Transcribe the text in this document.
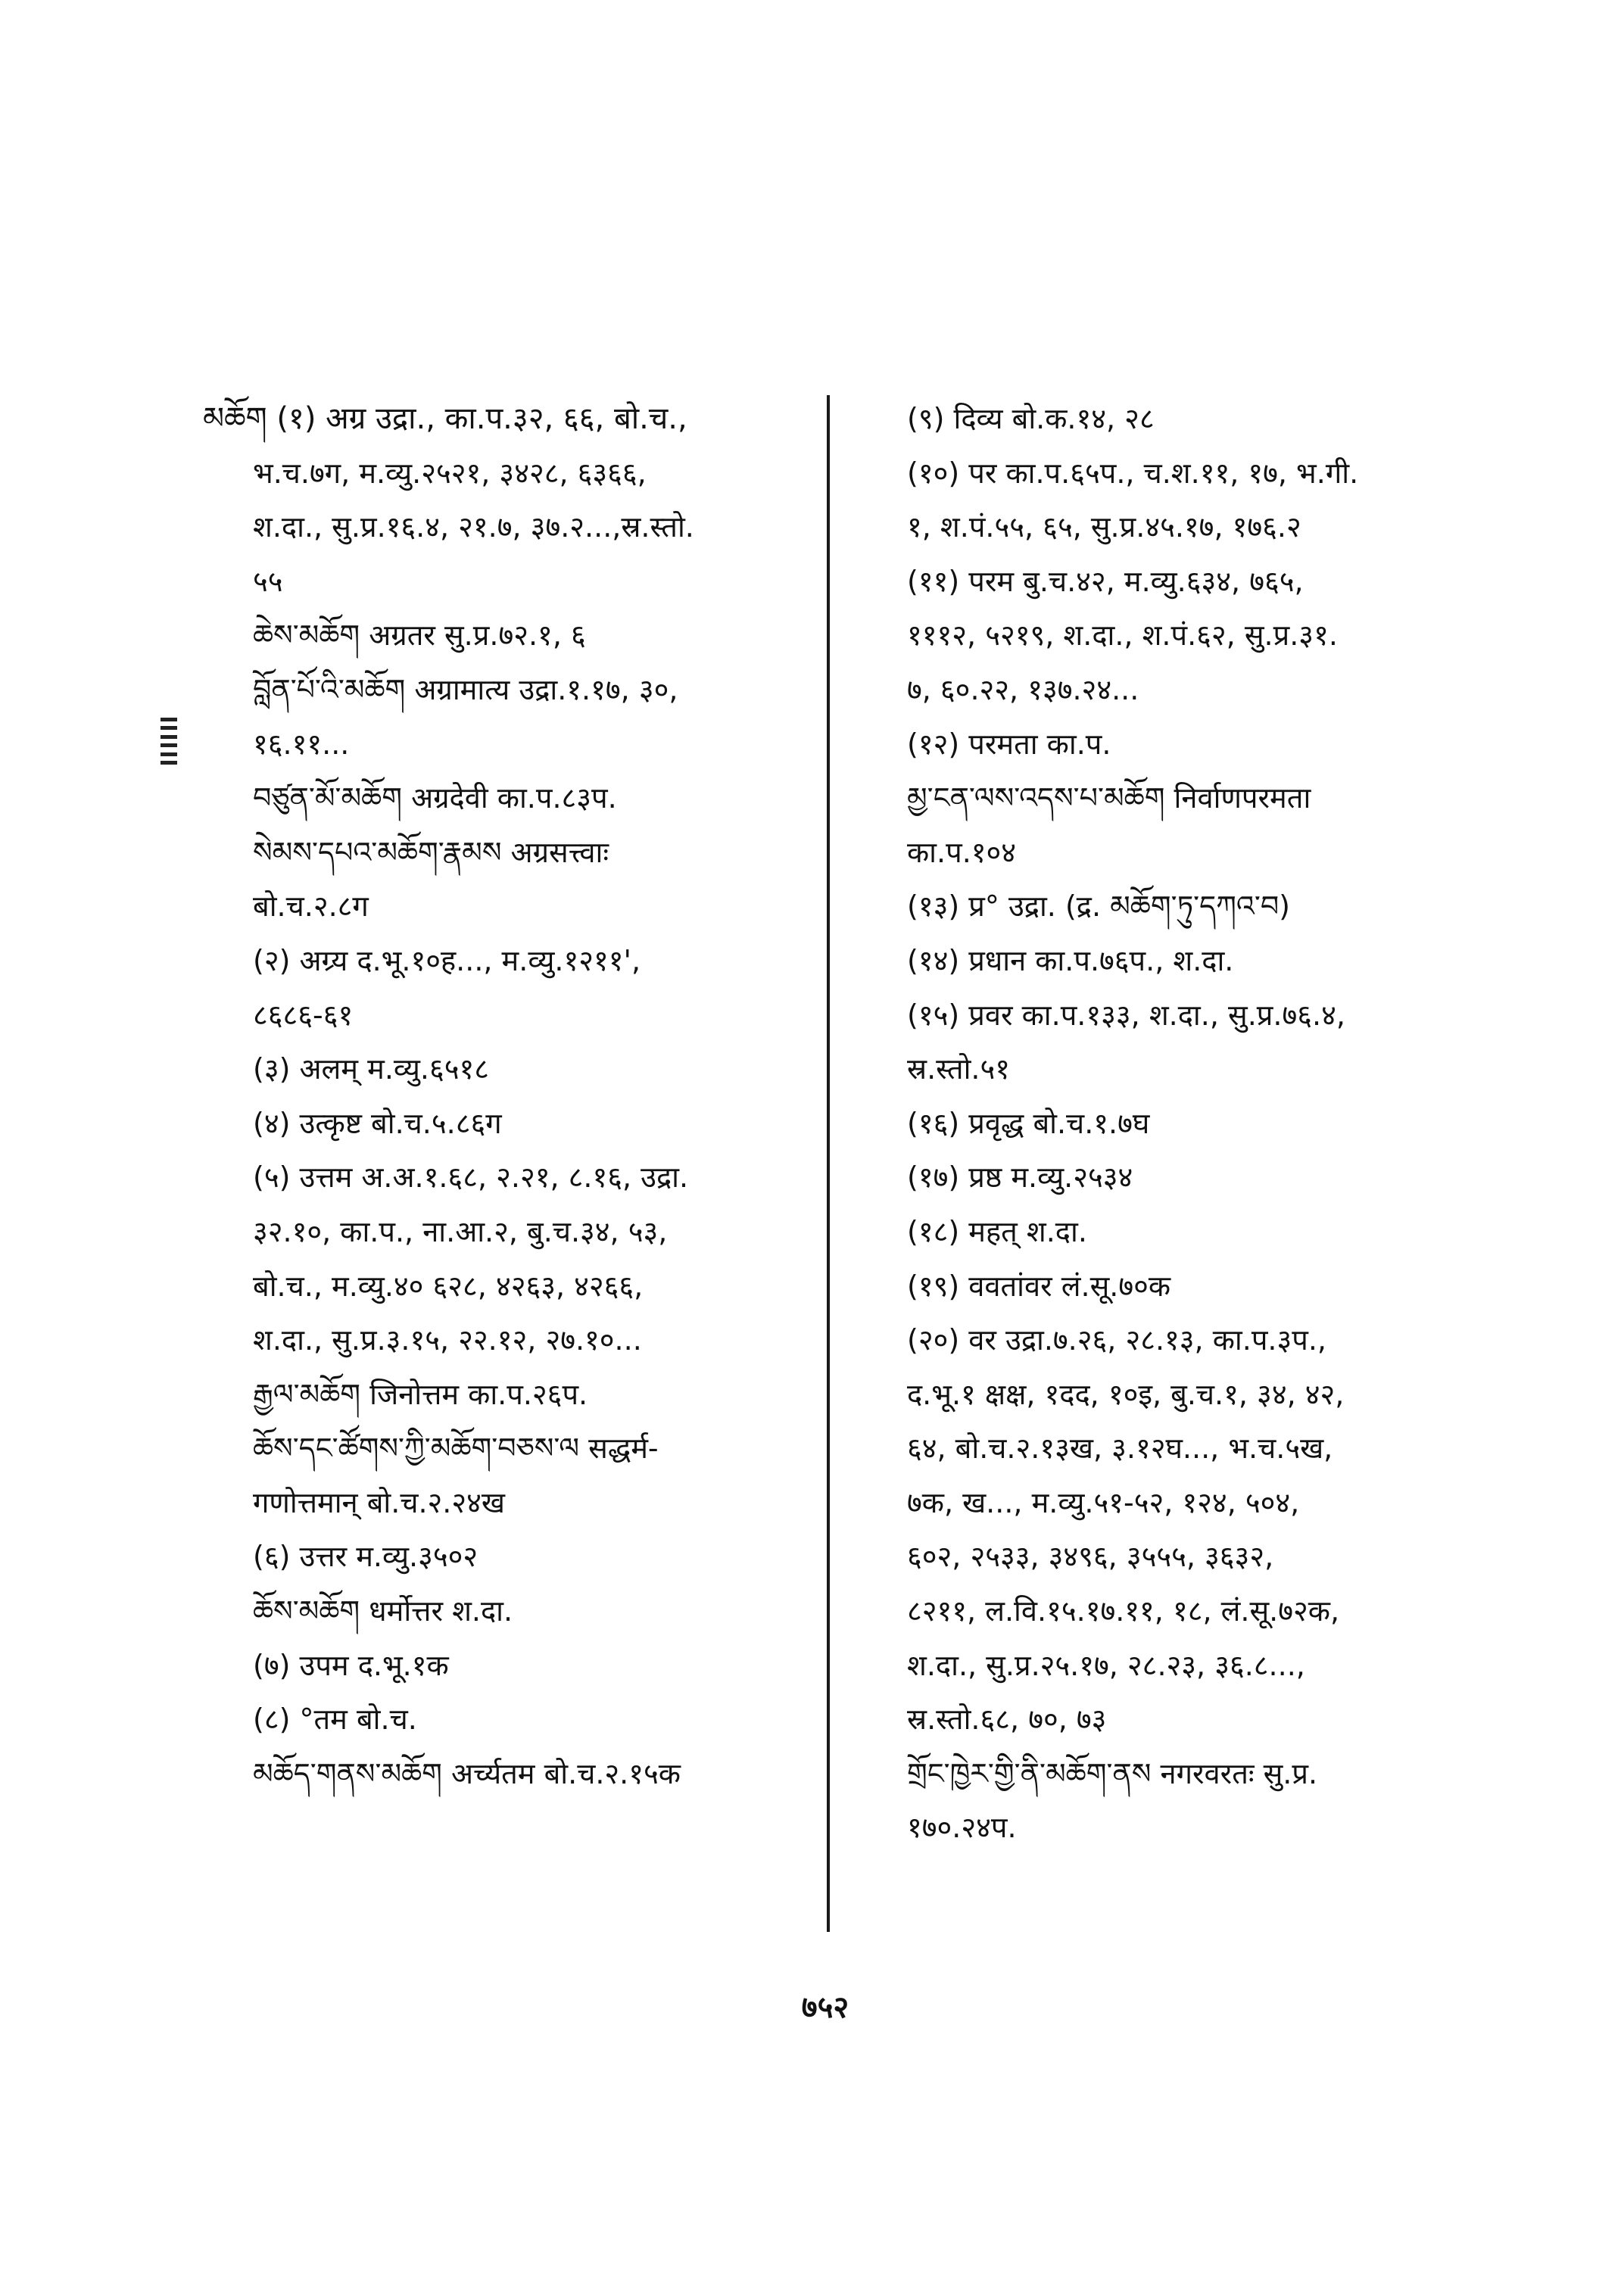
མཆོག (१) अग्र उद्रा., का.प.३२, ६६, बो.च.,
भ.च.७ग, म.व्यु.२५२१, ३४२८, ६३६६,
श.दा., सु.प्र.१६.४, २१.७, ३७.२...,स्र.स्तो.
५५
ཆེས་མཆོག अग्रतर सु.प्र.७२.१, ६
བློན་པོ་འི་མཆོག अग्रामात्य उद्रा.१.१७, ३०,
१६.११...
བཙུན་མོ་མཆོག अग्रदेवी का.प.८३प.
སེམས་དཔའ་མཆོག་རྣམས अग्रसत्त्वाः
बो.च.२.८ग
(२) अग्र्य द.भू.१०ह..., म.व्यु.१२११',
८६८६-६१
(३) अलम् म.व्यु.६५१८
(४) उत्कृष्ट बो.च.५.८६ग
(५) उत्तम अ.अ.१.६८, २.२१, ८.१६, उद्रा.
३२.१०, का.प., ना.आ.२, बु.च.३४, ५३,
बो.च., म.व्यु.४० ६२८, ४२६३, ४२६६,
श.दा., सु.प्र.३.१५, २२.१२, २७.१०...
རྒྱལ་མཆོག जिनोत्तम का.प.२६प.
ཆོས་དང་ཚོགས་ཀྱི་མཆོག་བཅས་ལ सद्धर्म-
गणोत्तमान् बो.च.२.२४ख
(६) उत्तर म.व्यु.३५०२
ཆོས་མཆོག धर्मोत्तर श.दा.
(७) उपम द.भू.१क
(८) °तम बो.च.
མཆོད་གནས་མཆོག अर्च्यतम बो.च.२.१५क
(९) दिव्य बो.क.१४, २८
(१०) पर का.प.६५प., च.श.११, १७, भ.गी.
१, श.पं.५५, ६५, सु.प्र.४५.१७, १७६.२
(११) परम बु.च.४२, म.व्यु.६३४, ७६५,
१११२, ५२१९, श.दा., श.पं.६२, सु.प्र.३१.
७, ६०.२२, १३७.२४...
(१२) परमता का.प.
མྱ་ངན་ལས་འདས་པ་མཆོག निर्वाणपरमता
का.प.१०४
(१३) प्र° उद्रा. (द्र. མཆོག་ཏུ་དཀའ་བ)
(१४) प्रधान का.प.७६प., श.दा.
(१५) प्रवर का.प.१३३, श.दा., सु.प्र.७६.४,
स्र.स्तो.५१
(१६) प्रवृद्ध बो.च.१.७घ
(१७) प्रष्ठ म.व्यु.२५३४
(१८) महत् श.दा.
(१९) ववतांवर लं.सू.७०क
(२०) वर उद्रा.७.२६, २८.१३, का.प.३प.,
द.भू.१ क्षक्ष, १दद, १०इ, बु.च.१, ३४, ४२,
६४, बो.च.२.१३ख, ३.१२घ..., भ.च.५ख,
७क, ख..., म.व्यु.५१-५२, १२४, ५०४,
६०२, २५३३, ३४९६, ३५५५, ३६३२,
८२११, ल.वि.१५.१७.११, १८, लं.सू.७२क,
श.दा., सु.प्र.२५.१७, २८.२३, ३६.८...,
स्र.स्तो.६८, ७०, ७३
གྲོང་ཁྱེར་གྱི་ནི་མཆོག་ནས नगरवरतः सु.प्र.
१७०.२४प.
७५२
